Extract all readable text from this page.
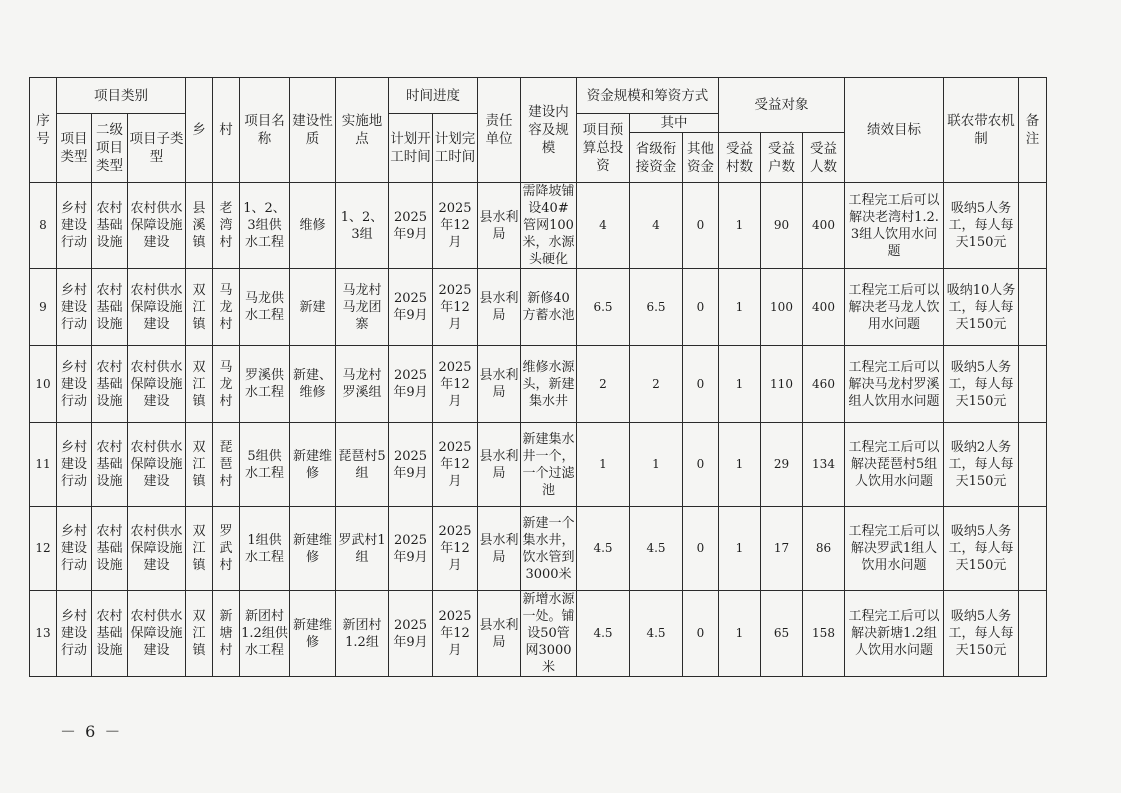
序号	项目类别			乡	村	项目名称	建设性质	实施地点	时间进度		责任单位	建设内容及规模	资金规模和筹资方式			受益对象			绩效目标	联农带农机制	备注
	项目类型	二级项目类型	项目子类型						计划开工时间	计划完工时间			项目预算总投资	其中							
														省级衔接资金	其他资金	受益村数	受益户数	受益人数			
8	乡村建设行动	农村基础设施	农村供水保障设施建设	县溪镇	老湾村	1、2、3组供水工程	维修	1、2、3组	2025年9月	2025年12月	县水利局	需降坡铺设40#管网100米，水源头硬化	4	4	0	1	90	400	工程完工后可以解决老湾村1.2.3组人饮用水问题	吸纳5人务工，每人每天150元	
9	乡村建设行动	农村基础设施	农村供水保障设施建设	双江镇	马龙村	马龙供水工程	新建	马龙村马龙团寨	2025年9月	2025年12月	县水利局	新修40方蓄水池	6.5	6.5	0	1	100	400	工程完工后可以解决老马龙人饮用水问题	吸纳10人务工，每人每天150元	
10	乡村建设行动	农村基础设施	农村供水保障设施建设	双江镇	马龙村	罗溪供水工程	新建、维修	马龙村罗溪组	2025年9月	2025年12月	县水利局	维修水源头，新建集水井	2	2	0	1	110	460	工程完工后可以解决马龙村罗溪组人饮用水问题	吸纳5人务工，每人每天150元	
11	乡村建设行动	农村基础设施	农村供水保障设施建设	双江镇	琵琶村	5组供水工程	新建维修	琵琶村5组	2025年9月	2025年12月	县水利局	新建集水井一个，一个过滤池	1	1	0	1	29	134	工程完工后可以解决琵琶村5组人饮用水问题	吸纳2人务工，每人每天150元	
12	乡村建设行动	农村基础设施	农村供水保障设施建设	双江镇	罗武村	1组供水工程	新建维修	罗武村1组	2025年9月	2025年12月	县水利局	新建一个集水井，饮水管到3000米	4.5	4.5	0	1	17	86	工程完工后可以解决罗武1组人饮用水问题	吸纳5人务工，每人每天150元	
13	乡村建设行动	农村基础设施	农村供水保障设施建设	双江镇	新塘村	新团村1.2组供水工程	新建维修	新团村1.2组	2025年9月	2025年12月	县水利局	新增水源一处。铺设50管网3000米	4.5	4.5	0	1	65	158	工程完工后可以解决新塘1.2组人饮用水问题	吸纳5人务工，每人每天150元	
－ 6 －
